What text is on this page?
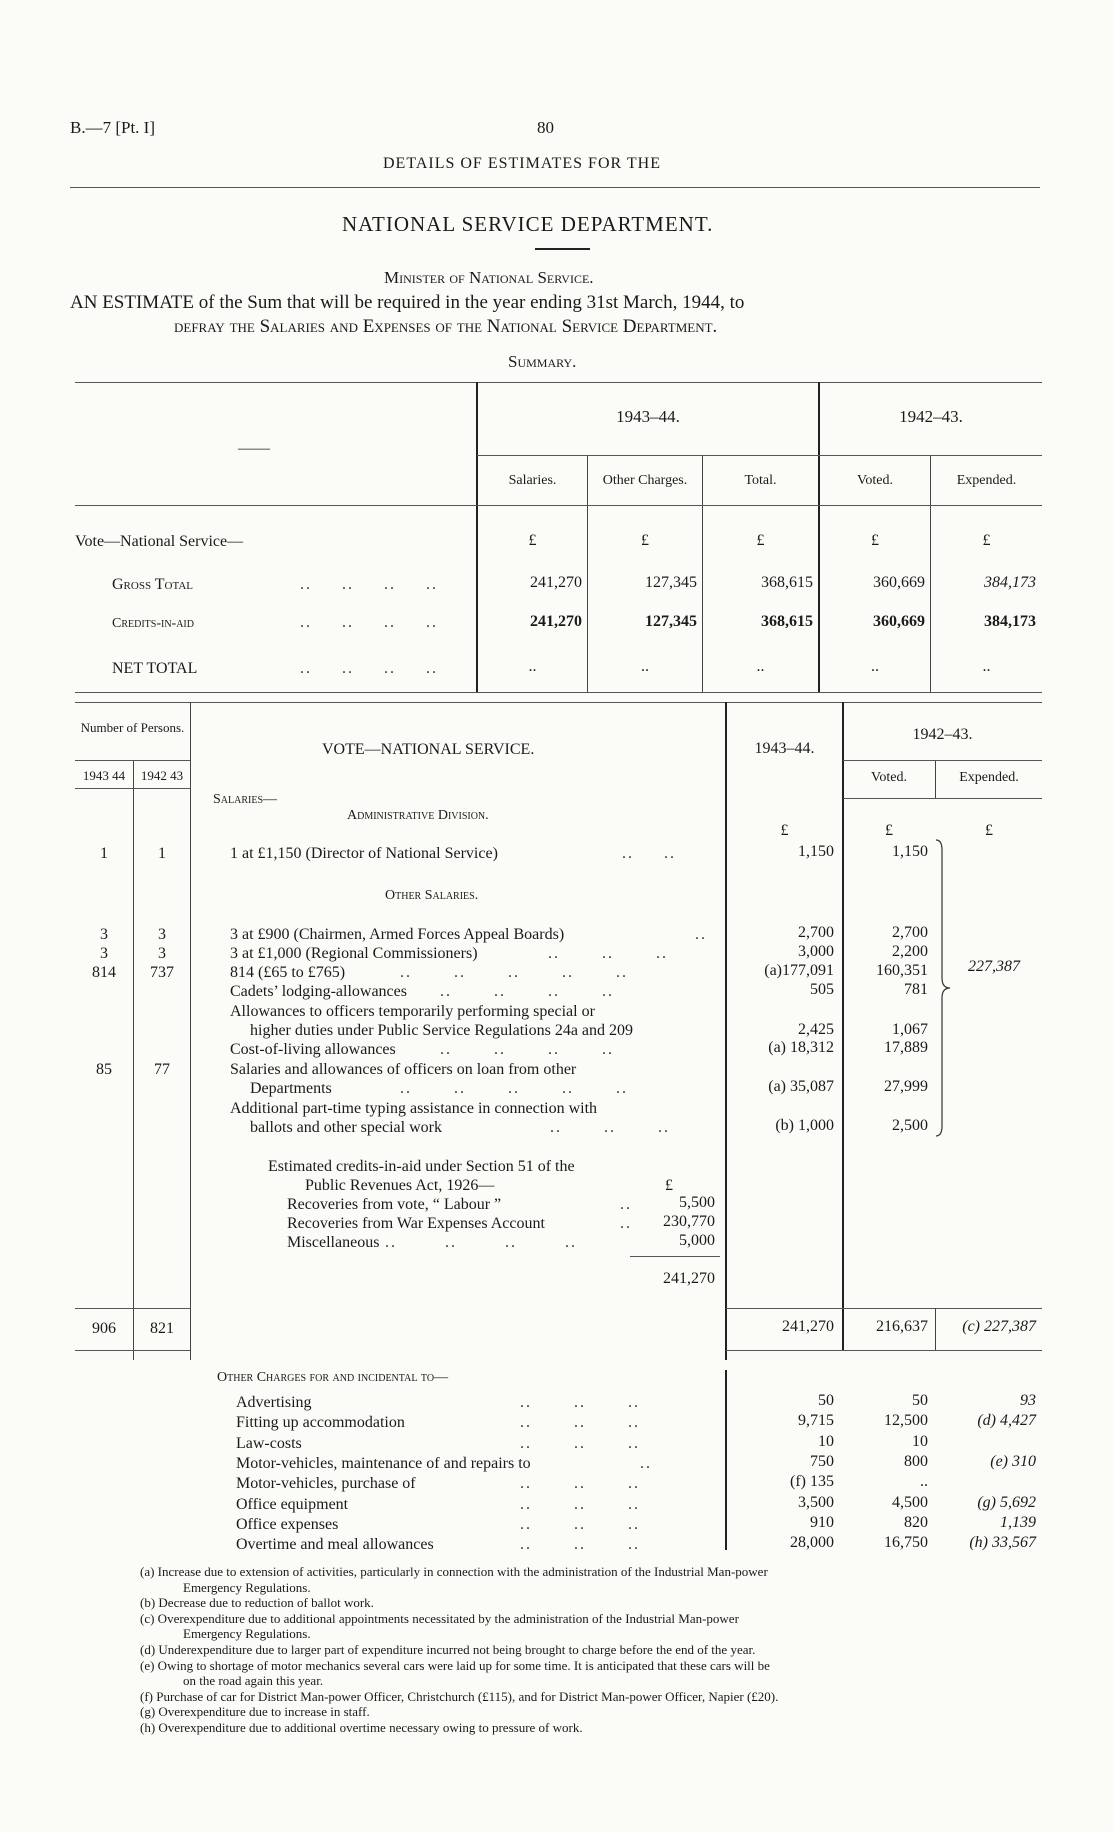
B.—7 [Pt. I]	80
DETAILS OF ESTIMATES FOR THE
NATIONAL SERVICE DEPARTMENT.
Minister of National Service.
AN ESTIMATE of the Sum that will be required in the year ending 31st March, 1944, to
defray the Salaries and Expenses of the National Service Department.
Summary.
——
1943–44.	1942–43.
Salaries.	Other Charges.	Total.	Voted.	Expended.
Vote—National Service—	£	£	£	£	£
Gross Total	..     ..     ..     ..	241,270	127,345	368,615	360,669	384,173
Credits-in-aid	..     ..     ..     ..	241,270	127,345	368,615	360,669	384,173
NET TOTAL	..     ..     ..     ..	..	..	..	..	..
Number of Persons.
1943 44	1942 43
VOTE—NATIONAL SERVICE.	1943–44.
1942–43.
Voted.	Expended.
Salaries—
Administrative Division.
£	£	£
1	1	1 at £1,150 (Director of National Service)	..     ..	1,150	1,150
Other Salaries.
3	3	3 at £900 (Chairmen, Armed Forces Appeal Boards)	..	2,700	2,700
3	3	3 at £1,000 (Regional Commissioners)	..       ..       ..	3,000	2,200
814	737	814 (£65 to £765)	..       ..       ..       ..       ..	(a)177,091	160,351
Cadets’ lodging-allowances ..       ..       ..       ..	505	781
Allowances to officers temporarily performing special or
higher duties under Public Service Regulations 24a and 209	2,425	1,067
Cost-of-living allowances	..       ..       ..       ..	(a) 18,312	17,889
85	77	Salaries and allowances of officers on loan from other
Departments	..       ..       ..       ..       ..	(a) 35,087	27,999
Additional part-time typing assistance in connection with
ballots and other special work	..       ..       ..	(b) 1,000	2,500
227,387
Estimated credits-in-aid under Section 51 of the
Public Revenues Act, 1926—	£
Recoveries from vote, “ Labour ”	..	5,500
Recoveries from War Expenses Account	..	230,770
Miscellaneous ..        ..        ..        ..	5,000
241,270
906	821	241,270	216,637	(c) 227,387
Other Charges for and incidental to—
Advertising	..       ..       ..	50	50	93
Fitting up accommodation	..       ..       ..	9,715	12,500	(d) 4,427
Law-costs	..       ..       ..	10	10
Motor-vehicles, maintenance of and repairs to	..	750	800	(e) 310
Motor-vehicles, purchase of	..       ..       ..	(f) 135	..
Office equipment	..       ..       ..	3,500	4,500	(g) 5,692
Office expenses	..       ..       ..	910	820	1,139
Overtime and meal allowances	..       ..       ..	28,000	16,750	(h) 33,567
(a) Increase due to extension of activities, particularly in connection with the administration of the Industrial Man-power
Emergency Regulations.
(b) Decrease due to reduction of ballot work.
(c) Overexpenditure due to additional appointments necessitated by the administration of the Industrial Man-power
Emergency Regulations.
(d) Underexpenditure due to larger part of expenditure incurred not being brought to charge before the end of the year.
(e) Owing to shortage of motor mechanics several cars were laid up for some time. It is anticipated that these cars will be
on the road again this year.
(f) Purchase of car for District Man-power Officer, Christchurch (£115), and for District Man-power Officer, Napier (£20).
(g) Overexpenditure due to increase in staff.
(h) Overexpenditure due to additional overtime necessary owing to pressure of work.
